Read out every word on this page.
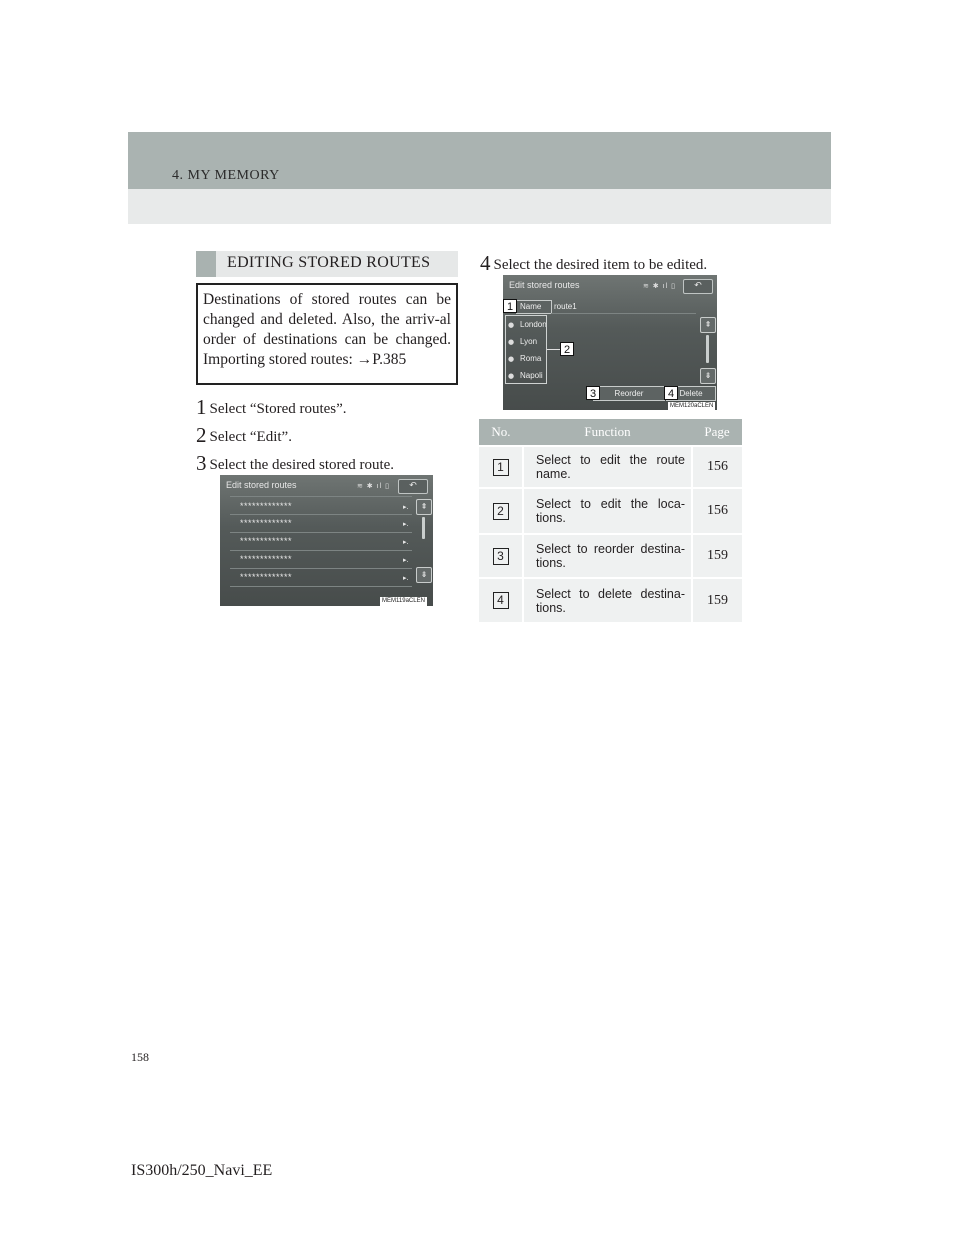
4. MY MEMORY
EDITING STORED ROUTES
Destinations of stored routes can be changed and deleted. Also, the arriv-al order of destinations can be changed. Importing stored routes: →P.385
1 Select “Stored routes”.
2 Select “Edit”.
3 Select the desired stored route.
Edit stored routes	≋ ✱ ıl ▯	↶
*************	▸.
*************	▸.
*************	▸.
*************	▸.
*************	▸.
⇞
⇟
MEM119aCLEN
4 Select the desired item to be edited.
Edit stored routes	≋ ✱ ıl ▯	↶
Name route1
● London
● Lyon
● Roma
● Napoli
⇞
⇟
Reorder	Delete
MEM120aCLEN
1
2
3	4
No.	Function	Page
1	Select to edit the route name.	156
2	Select to edit the loca-tions.	156
3	Select to reorder destina-tions.	159
4	Select to delete destina-tions.	159
158
IS300h/250_Navi_EE
